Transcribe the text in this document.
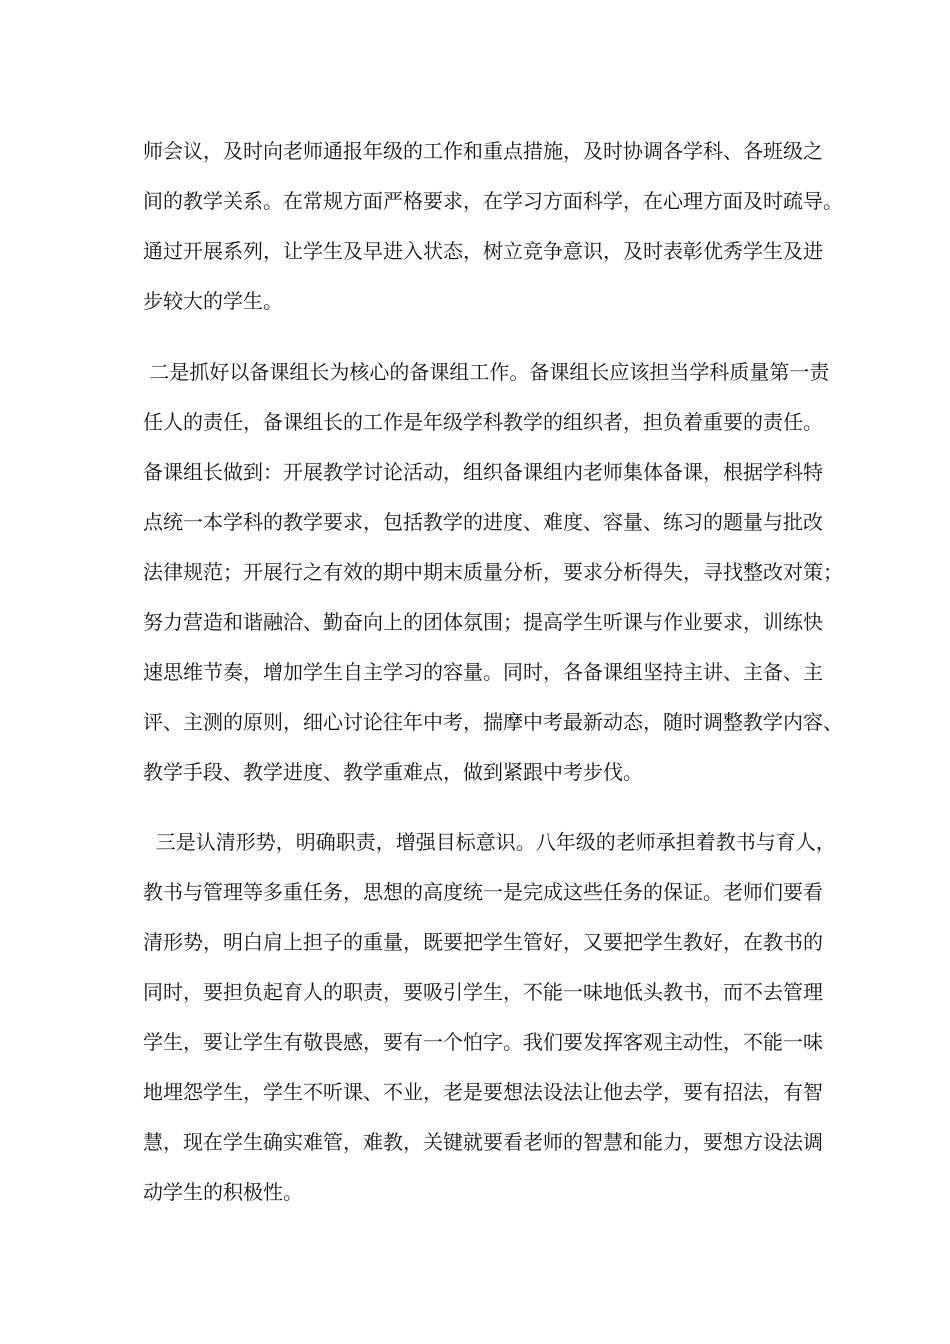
师会议，及时向老师通报年级的工作和重点措施，及时协调各学科、各班级之
间的教学关系。在常规方面严格要求，在学习方面科学，在心理方面及时疏导。
通过开展系列，让学生及早进入状态，树立竞争意识，及时表彰优秀学生及进
步较大的学生。
二是抓好以备课组长为核心的备课组工作。备课组长应该担当学科质量第一责
任人的责任，备课组长的工作是年级学科教学的组织者，担负着重要的责任。
备课组长做到：开展教学讨论活动，组织备课组内老师集体备课，根据学科特
点统一本学科的教学要求，包括教学的进度、难度、容量、练习的题量与批改
法律规范；开展行之有效的期中期末质量分析，要求分析得失，寻找整改对策；
努力营造和谐融洽、勤奋向上的团体氛围；提高学生听课与作业要求，训练快
速思维节奏，增加学生自主学习的容量。同时，各备课组坚持主讲、主备、主
评、主测的原则，细心讨论往年中考，揣摩中考最新动态，随时调整教学内容、
教学手段、教学进度、教学重难点，做到紧跟中考步伐。
三是认清形势，明确职责，增强目标意识。八年级的老师承担着教书与育人，
教书与管理等多重任务，思想的高度统一是完成这些任务的保证。老师们要看
清形势，明白肩上担子的重量，既要把学生管好，又要把学生教好，在教书的
同时，要担负起育人的职责，要吸引学生，不能一味地低头教书，而不去管理
学生，要让学生有敬畏感，要有一个怕字。我们要发挥客观主动性，不能一味
地埋怨学生，学生不听课、不业，老是要想法设法让他去学，要有招法，有智
慧，现在学生确实难管，难教，关键就要看老师的智慧和能力，要想方设法调
动学生的积极性。
